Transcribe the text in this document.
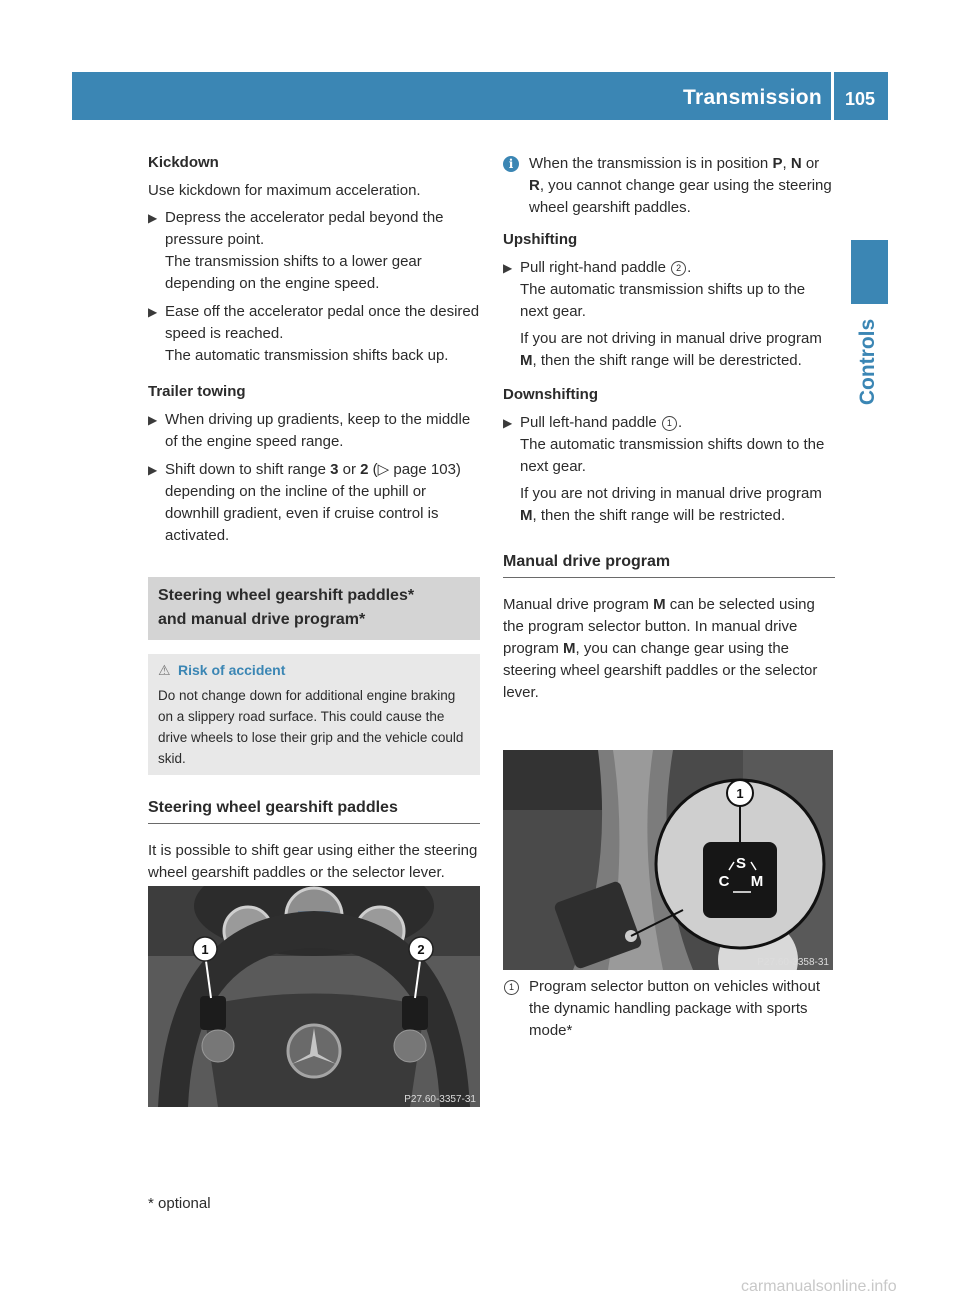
Transmission 105
Controls
Kickdown

Use kickdown for maximum acceleration.

▶ Depress the accelerator pedal beyond the pressure point.

The transmission shifts to a lower gear depending on the engine speed.

▶ Ease off the accelerator pedal once the desired speed is reached.

The automatic transmission shifts back up.

Trailer towing
▶ When driving up gradients, keep to the middle of the engine speed range.

▶ Shift down to shift range 3 or 2 (▷ page 103) depending on the incline of the uphill or downhill gradient, even if cruise control is activated.

Steering wheel gearshift paddles*
and manual drive program*
⚠ Risk of accident
Do not change down for additional engine braking on a slippery road surface. This could cause the drive wheels to lose their grip and the vehicle could skid.
Steering wheel gearshift paddles

It is possible to shift gear using either the steering wheel gearshift paddles or the selector lever.

1	2
P27.60-3357-31
i	When the transmission is in position P, N or R, you cannot change gear using the steering wheel gearshift paddles.

Upshifting
▶ Pull right-hand paddle 2 .

The automatic transmission shifts up to the next gear.

If you are not driving in manual drive program M, then the shift range will be derestricted.

Downshifting
▶ Pull left-hand paddle 1 .

The automatic transmission shifts down to the next gear.

If you are not driving in manual drive program M, then the shift range will be restricted.

Manual drive program

Manual drive program M can be selected using the program selector button. In manual drive program M, you can change gear using the steering wheel gearshift paddles or the selector lever.

1
S
C M
P27.60-3358-31
1	Program selector button on vehicles without the dynamic handling package with sports mode*

* optional
carmanualsonline.info
